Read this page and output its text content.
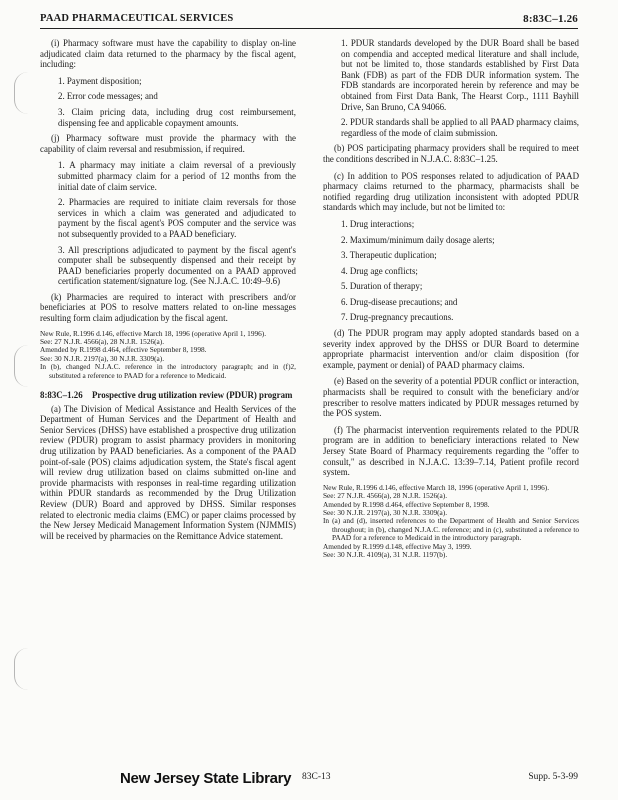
PAAD PHARMACEUTICAL SERVICES	8:83C–1.26

(i) Pharmacy software must have the capability to display on-line adjudicated claim data returned to the pharmacy by the fiscal agent, including:

1. Payment disposition;

2. Error code messages; and

3. Claim pricing data, including drug cost reimbursement, dispensing fee and applicable copayment amounts.

(j) Pharmacy software must provide the pharmacy with the capability of claim reversal and resubmission, if required.

1. A pharmacy may initiate a claim reversal of a previously submitted pharmacy claim for a period of 12 months from the initial date of claim service.

2. Pharmacies are required to initiate claim reversals for those services in which a claim was generated and adjudicated to payment by the fiscal agent's POS computer and the service was not subsequently provided to a PAAD beneficiary.

3. All prescriptions adjudicated to payment by the fiscal agent's computer shall be subsequently dispensed and their receipt by PAAD beneficiaries properly documented on a PAAD approved certification statement/signature log. (See N.J.A.C. 10:49–9.6)

(k) Pharmacies are required to interact with prescribers and/or beneficiaries at POS to resolve matters related to on-line messages resulting form claim adjudication by the fiscal agent.

New Rule, R.1996 d.146, effective March 18, 1996 (operative April 1, 1996).

See: 27 N.J.R. 4566(a), 28 N.J.R. 1526(a).

Amended by R.1998 d.464, effective September 8, 1998.

See: 30 N.J.R. 2197(a), 30 N.J.R. 3309(a).

In (b), changed N.J.A.C. reference in the introductory paragraph; and in (f)2, substituted a reference to PAAD for a reference to Medicaid.

8:83C–1.26 Prospective drug utilization review (PDUR) program

(a) The Division of Medical Assistance and Health Services of the Department of Human Services and the Department of Health and Senior Services (DHSS) have established a prospective drug utilization review (PDUR) program to assist pharmacy providers in monitoring drug utilization by PAAD beneficiaries. As a component of the PAAD point-of-sale (POS) claims adjudication system, the State's fiscal agent will review drug utilization based on claims submitted on-line and provide pharmacists with responses in real-time regarding utilization within PDUR standards as recommended by the Drug Utilization Review (DUR) Board and approved by DHSS. Similar responses related to electronic media claims (EMC) or paper claims processed by the New Jersey Medicaid Management Information System (NJMMIS) will be received by pharmacies on the Remittance Advice statement.

1. PDUR standards developed by the DUR Board shall be based on compendia and accepted medical literature and shall include, but not be limited to, those standards established by First Data Bank (FDB) as part of the FDB DUR information system. The FDB standards are incorporated herein by reference and may be obtained from First Data Bank, The Hearst Corp., 1111 Bayhill Drive, San Bruno, CA 94066.

2. PDUR standards shall be applied to all PAAD pharmacy claims, regardless of the mode of claim submission.

(b) POS participating pharmacy providers shall be required to meet the conditions described in N.J.A.C. 8:83C–1.25.

(c) In addition to POS responses related to adjudication of PAAD pharmacy claims returned to the pharmacy, pharmacists shall be notified regarding drug utilization inconsistent with adopted PDUR standards which may include, but not be limited to:

1. Drug interactions;

2. Maximum/minimum daily dosage alerts;

3. Therapeutic duplication;

4. Drug age conflicts;

5. Duration of therapy;

6. Drug-disease precautions; and

7. Drug-pregnancy precautions.

(d) The PDUR program may apply adopted standards based on a severity index approved by the DHSS or DUR Board to determine appropriate pharmacist intervention and/or claim disposition (for example, payment or denial) of PAAD pharmacy claims.

(e) Based on the severity of a potential PDUR conflict or interaction, pharmacists shall be required to consult with the beneficiary and/or prescriber to resolve matters indicated by PDUR messages returned by the POS system.

(f) The pharmacist intervention requirements related to the PDUR program are in addition to beneficiary interactions related to New Jersey State Board of Pharmacy requirements regarding the "offer to consult," as described in N.J.A.C. 13:39–7.14, Patient profile record system.

New Rule, R.1996 d.146, effective March 18, 1996 (operative April 1, 1996).

See: 27 N.J.R. 4566(a), 28 N.J.R. 1526(a).

Amended by R.1998 d.464, effective September 8, 1998.

See: 30 N.J.R. 2197(a), 30 N.J.R. 3309(a).

In (a) and (d), inserted references to the Department of Health and Senior Services throughout; in (b), changed N.J.A.C. reference; and in (c), substituted a reference to PAAD for a reference to Medicaid in the introductory paragraph.

Amended by R.1999 d.148, effective May 3, 1999.

See: 30 N.J.R. 4109(a), 31 N.J.R. 1197(b).

New Jersey State Library 83C-13	Supp. 5-3-99
